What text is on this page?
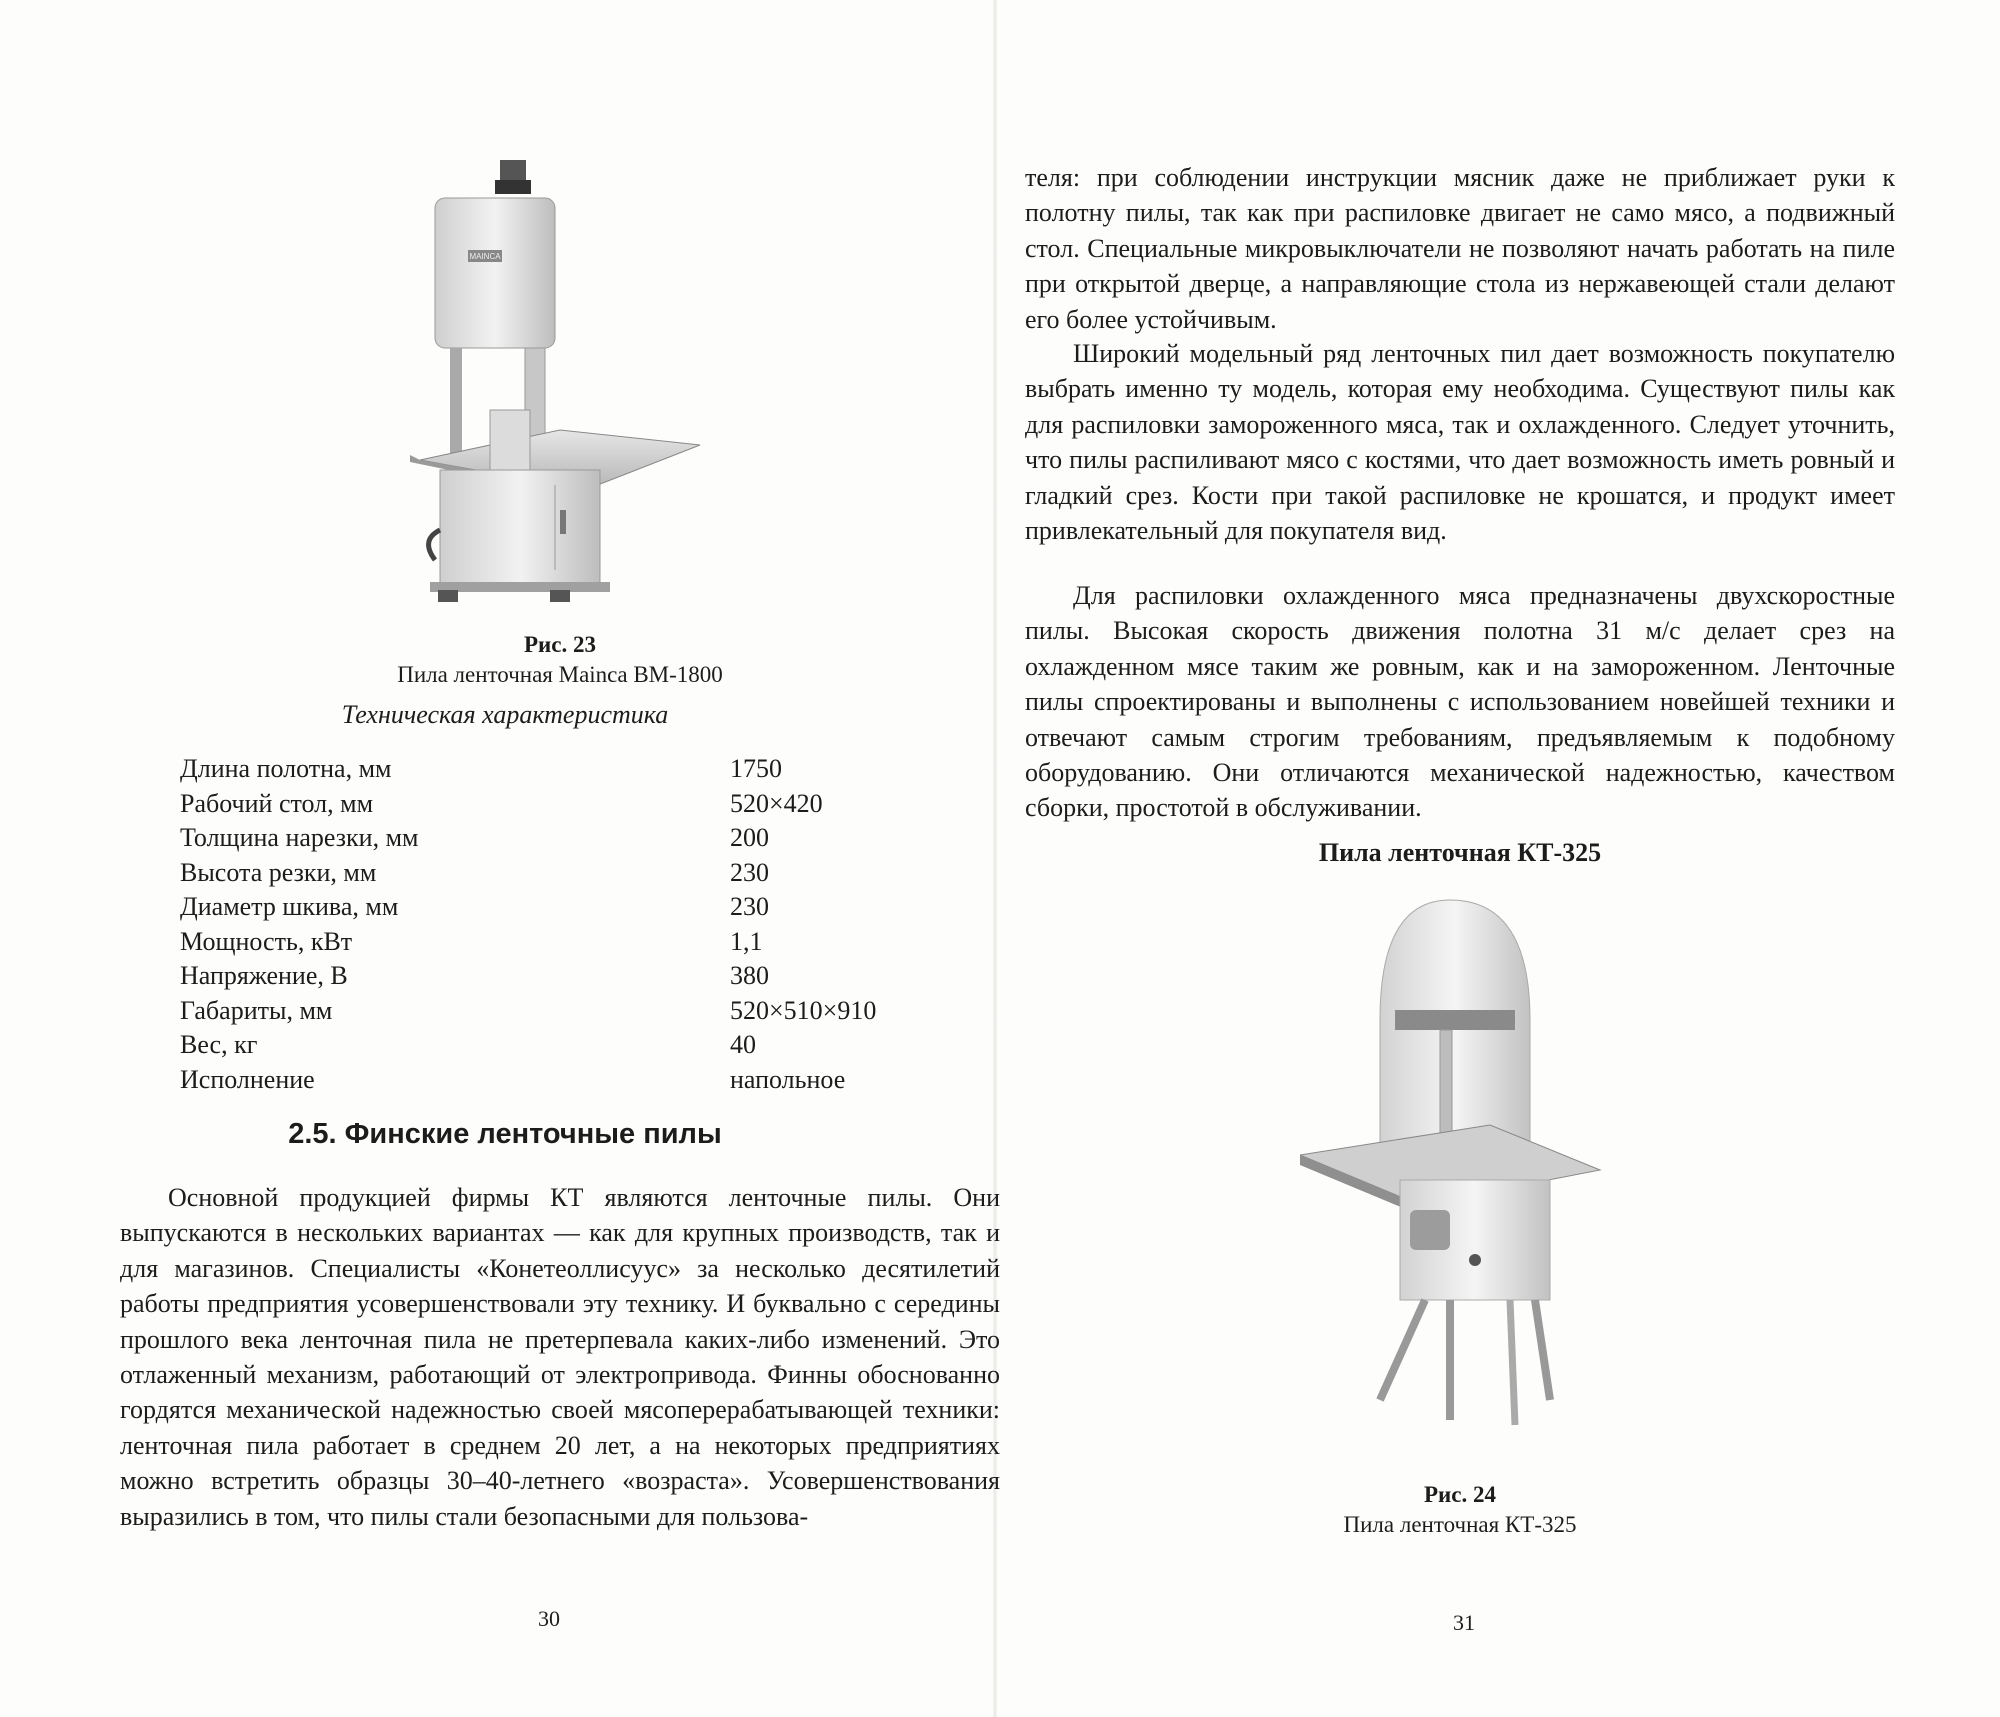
MAINCA
Рис. 23
Пила ленточная Mainca BM-1800
Техническая характеристика
Длина полотна, мм	1750
Рабочий стол, мм	520×420
Толщина нарезки, мм	200
Высота резки, мм	230
Диаметр шкива, мм	230
Мощность, кВт	1,1
Напряжение, В	380
Габариты, мм	520×510×910
Вес, кг	40
Исполнение	напольное
2.5. Финские ленточные пилы

Основной продукцией фирмы КТ являются ленточные пилы. Они выпускаются в нескольких вариантах — как для крупных производств, так и для магазинов. Специалисты «Конетеоллисуус» за несколько десятилетий работы предприятия усовершенствовали эту технику. И буквально с середины прошлого века ленточная пила не претерпевала каких-либо изменений. Это отлаженный механизм, работающий от электропривода. Финны обоснованно гордятся механической надежностью своей мясоперерабатывающей техники: ленточная пила работает в среднем 20 лет, а на некоторых предприятиях можно встретить образцы 30–40-летнего «возраста». Усовершенствования выразились в том, что пилы стали безопасными для пользова-

30

теля: при соблюдении инструкции мясник даже не приближает руки к полотну пилы, так как при распиловке двигает не само мясо, а подвижный стол. Специальные микровыключатели не позволяют начать работать на пиле при открытой дверце, а направляющие стола из нержавеющей стали делают его более устойчивым.

Широкий модельный ряд ленточных пил дает возможность покупателю выбрать именно ту модель, которая ему необходима. Существуют пилы как для распиловки замороженного мяса, так и охлажденного. Следует уточнить, что пилы распиливают мясо с костями, что дает возможность иметь ровный и гладкий срез. Кости при такой распиловке не крошатся, и продукт имеет привлекательный для покупателя вид.

Для распиловки охлажденного мяса предназначены двухскоростные пилы. Высокая скорость движения полотна 31 м/с делает срез на охлажденном мясе таким же ровным, как и на замороженном. Ленточные пилы спроектированы и выполнены с использованием новейшей техники и отвечают самым строгим требованиям, предъявляемым к подобному оборудованию. Они отличаются механической надежностью, качеством сборки, простотой в обслуживании.

Пила ленточная КТ-325
Рис. 24
Пила ленточная КТ-325
31
